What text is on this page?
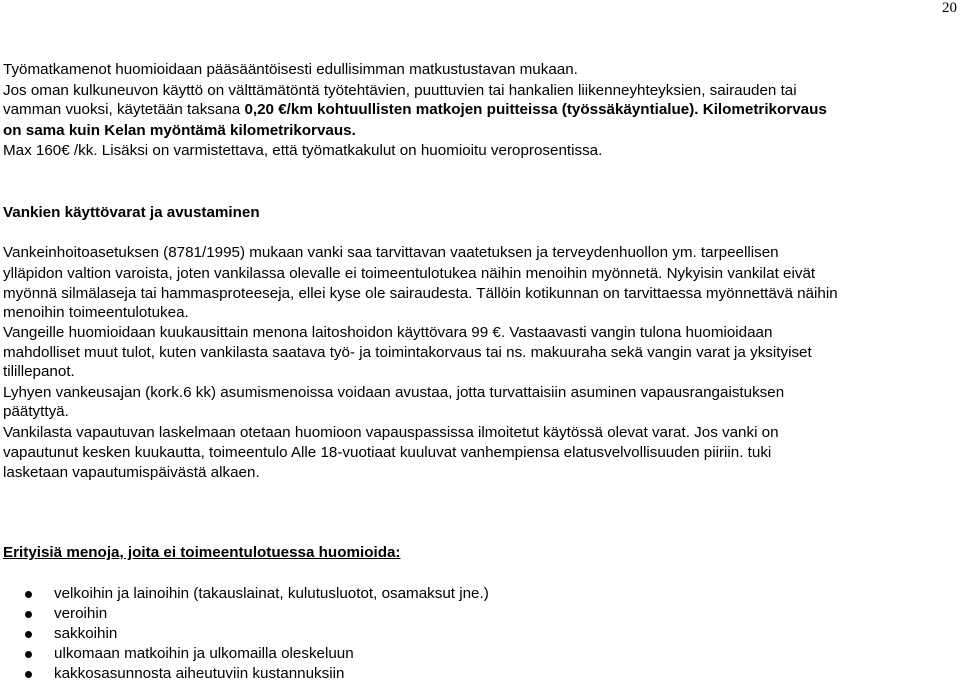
20
Työmatkamenot huomioidaan pääsääntöisesti edullisimman matkustustavan mukaan.
Jos oman kulkuneuvon käyttö on välttämätöntä työtehtävien, puuttuvien tai hankalien liikenneyhteyksien, sairauden tai
vamman vuoksi, käytetään taksana 0,20 €/km kohtuullisten matkojen puitteissa (työssäkäyntialue). Kilometrikorvaus
on sama kuin Kelan myöntämä kilometrikorvaus.
Max 160€ /kk. Lisäksi on varmistettava, että työmatkakulut on huomioitu veroprosentissa.
Vankien käyttövarat ja avustaminen
Vankeinhoitoasetuksen (8781/1995) mukaan vanki saa tarvittavan vaatetuksen ja terveydenhuollon ym. tarpeellisen
ylläpidon valtion varoista, joten vankilassa olevalle ei toimeentulotukea näihin menoihin myönnetä. Nykyisin vankilat eivät
myönnä silmälaseja tai hammasproteeseja, ellei kyse ole sairaudesta. Tällöin kotikunnan on tarvittaessa myönnettävä näihin
menoihin toimeentulotukea.
Vangeille huomioidaan kuukausittain menona laitoshoidon käyttövara 99 €. Vastaavasti vangin tulona huomioidaan
mahdolliset muut tulot, kuten vankilasta saatava työ- ja toimintakorvaus tai ns. makuuraha sekä vangin varat ja yksityiset
tilillepanot.
Lyhyen vankeusajan (kork.6 kk) asumismenoissa voidaan avustaa, jotta turvattaisiin asuminen vapausrangaistuksen
päätyttyä.
Vankilasta vapautuvan laskelmaan otetaan huomioon vapauspassissa ilmoitetut käytössä olevat varat. Jos vanki on
vapautunut kesken kuukautta, toimeentulo Alle 18-vuotiaat kuuluvat vanhempiensa elatusvelvollisuuden piiriin. tuki
lasketaan vapautumispäivästä alkaen.
Erityisiä menoja, joita ei toimeentulotuessa huomioida:
velkoihin ja lainoihin (takauslainat, kulutusluotot, osamaksut jne.)
veroihin
sakkoihin
ulkomaan matkoihin ja ulkomailla oleskeluun
kakkosasunnosta aiheutuviin kustannuksiin
